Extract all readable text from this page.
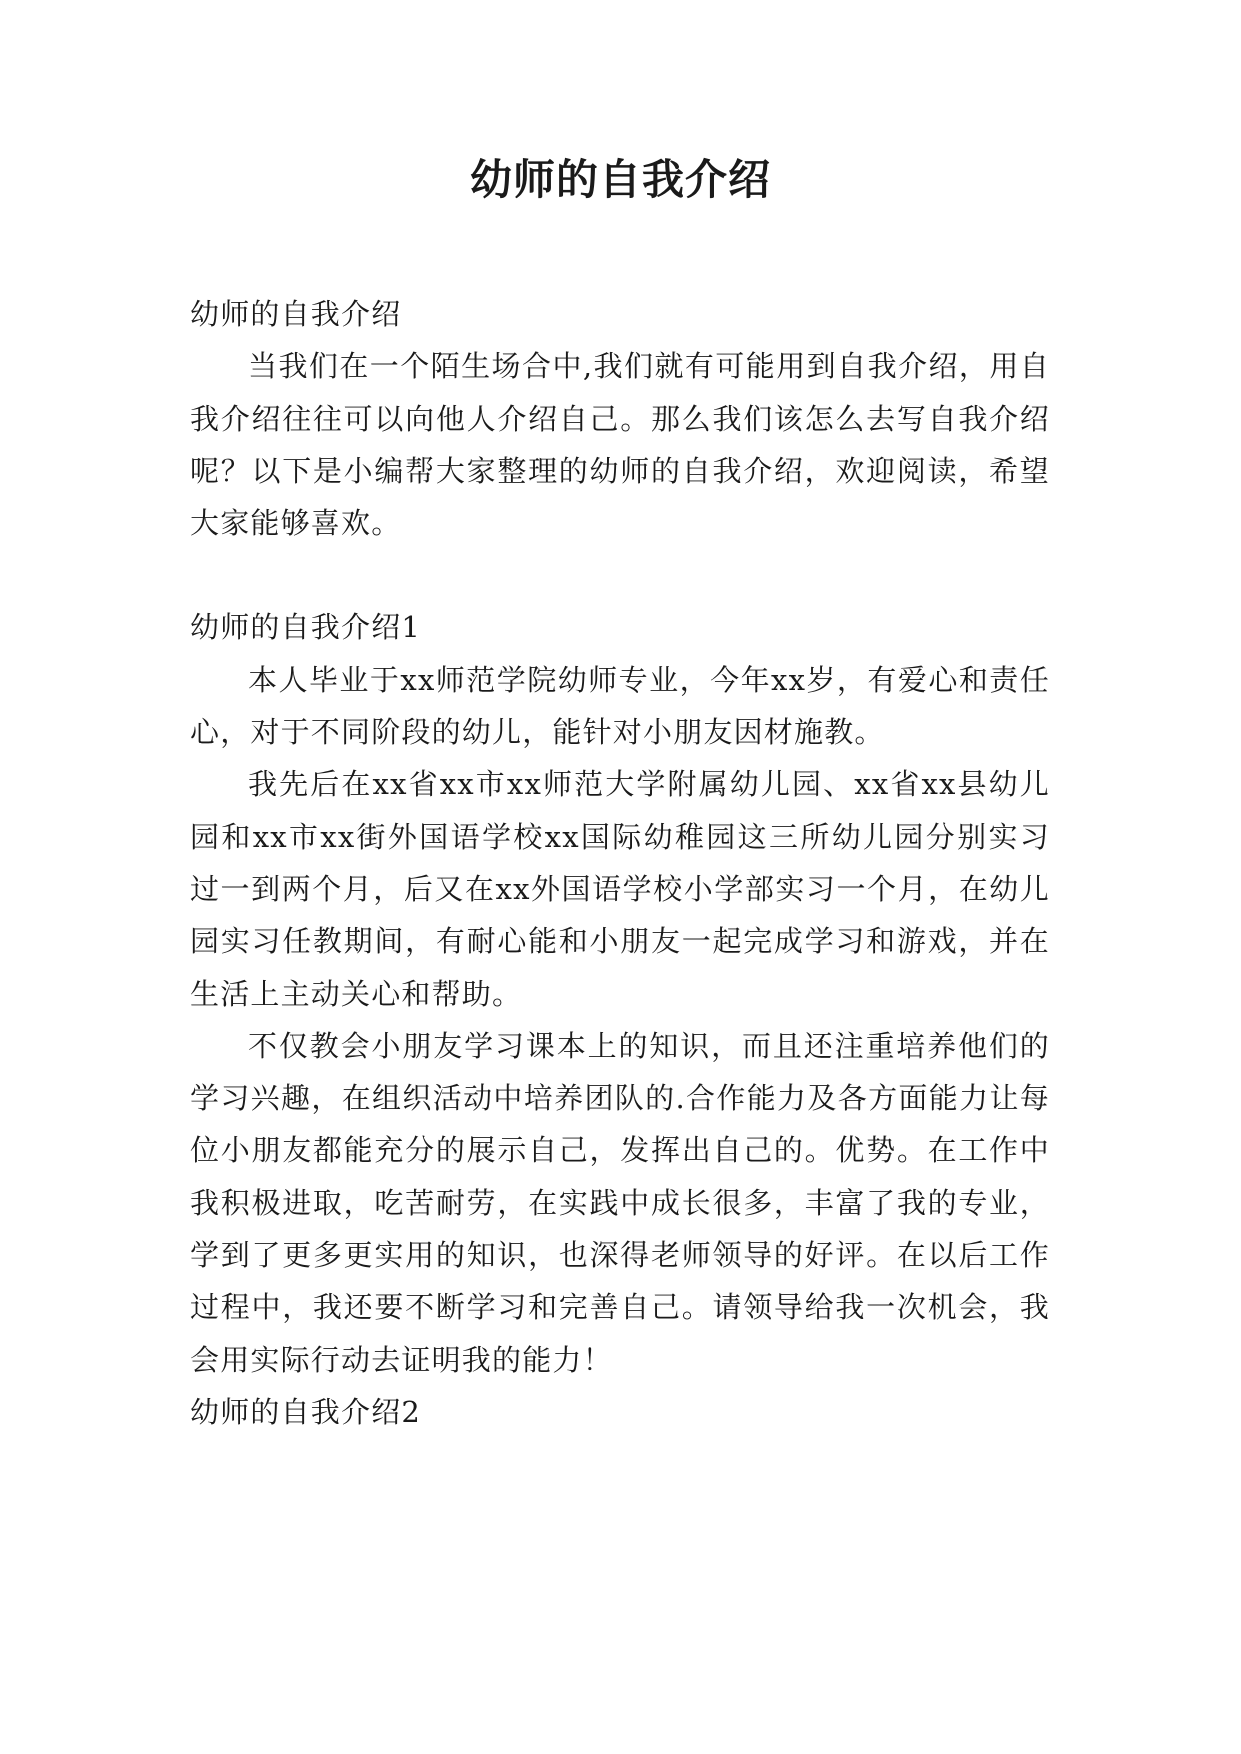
幼师的自我介绍

幼师的自我介绍

当我们在一个陌生场合中,我们就有可能用到自我介绍，用自我介绍往往可以向他人介绍自己。那么我们该怎么去写自我介绍呢？以下是小编帮大家整理的幼师的自我介绍，欢迎阅读，希望大家能够喜欢。

幼师的自我介绍1

本人毕业于xx师范学院幼师专业，今年xx岁，有爱心和责任心，对于不同阶段的幼儿，能针对小朋友因材施教。

我先后在xx省xx市xx师范大学附属幼儿园、xx省xx县幼儿园和xx市xx街外国语学校xx国际幼稚园这三所幼儿园分别实习过一到两个月，后又在xx外国语学校小学部实习一个月，在幼儿园实习任教期间，有耐心能和小朋友一起完成学习和游戏，并在生活上主动关心和帮助。

不仅教会小朋友学习课本上的知识，而且还注重培养他们的学习兴趣，在组织活动中培养团队的.合作能力及各方面能力让每位小朋友都能充分的展示自己，发挥出自己的。优势。在工作中我积极进取，吃苦耐劳，在实践中成长很多，丰富了我的专业，学到了更多更实用的知识，也深得老师领导的好评。在以后工作过程中，我还要不断学习和完善自己。请领导给我一次机会，我会用实际行动去证明我的能力！

幼师的自我介绍2
